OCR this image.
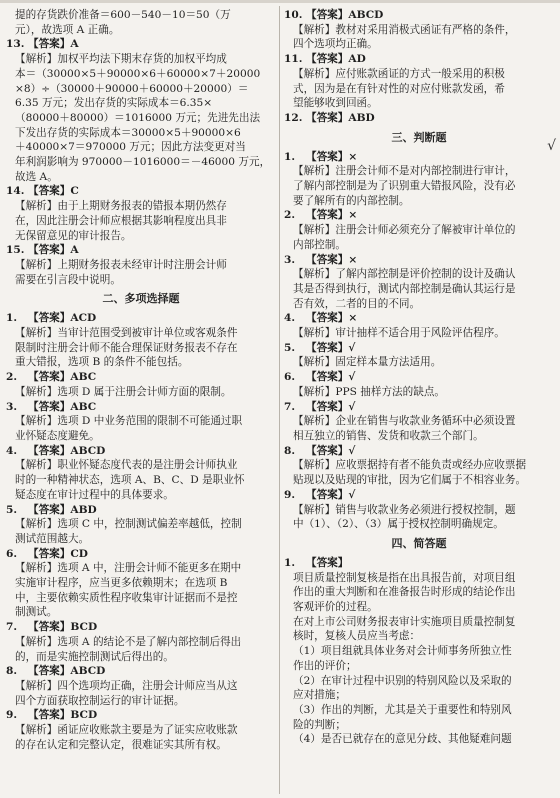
提的存货跌价准备＝600－540－10＝50（万
元），故选项 A 正确。
13. 【答案】A
【解析】加权平均法下期末存货的加权平均成
本＝（30000×5＋90000×6＋60000×7＋20000
×8）÷（30000＋90000＋60000＋20000）＝
6.35 万元；发出存货的实际成本＝6.35×
（80000＋80000）＝1016000 万元；先进先出法
下发出存货的实际成本＝30000×5＋90000×6
＋40000×7＝970000 万元；因此方法变更对当
年利润影响为 970000－1016000＝－46000 万元，
故选 A。
14. 【答案】C
【解析】由于上期财务报表的错报本期仍然存
在，因此注册会计师应根据其影响程度出具非
无保留意见的审计报告。
15. 【答案】A
【解析】上期财务报表未经审计时注册会计师
需要在引言段中说明。
二、多项选择题
1. 【答案】ACD
【解析】当审计范围受到被审计单位或客观条件
限制时注册会计师不能合理保证财务报表不存在
重大错报，选项 B 的条件不能包括。
2. 【答案】ABC
【解析】选项 D 属于注册会计师方面的限制。
3. 【答案】ABC
【解析】选项 D 中业务范围的限制不可能通过职
业怀疑态度避免。
4. 【答案】ABCD
【解析】职业怀疑态度代表的是注册会计师执业
时的一种精神状态，选项 A、B、C、D 是职业怀
疑态度在审计过程中的具体要求。
5. 【答案】ABD
【解析】选项 C 中，控制测试偏差率越低，控制
测试范围越大。
6. 【答案】CD
【解析】选项 A 中，注册会计师不能更多在期中
实施审计程序，应当更多依赖期末；在选项 B
中，主要依赖实质性程序收集审计证据而不是控
制测试。
7. 【答案】BCD
【解析】选项 A 的结论不是了解内部控制后得出
的，而是实施控制测试后得出的。
8. 【答案】ABCD
【解析】四个选项均正确，注册会计师应当从这
四个方面获取控制运行的审计证据。
9. 【答案】BCD
【解析】函证应收账款主要是为了证实应收账款
的存在认定和完整认定，很难证实其所有权。
10. 【答案】ABCD
【解析】教材对采用消极式函证有严格的条件，
四个选项均正确。
11. 【答案】AD
【解析】应付账款函证的方式一般采用的积极
式，因为是在有针对性的对应付账款发函，希
望能够收到回函。
12. 【答案】ABD
三、判断题
1. 【答案】×
【解析】注册会计师不是对内部控制进行审计，
了解内部控制是为了识别重大错报风险，没有必
要了解所有的内部控制。
2. 【答案】×
【解析】注册会计师必须充分了解被审计单位的
内部控制。
3. 【答案】×
【解析】了解内部控制是评价控制的设计及确认
其是否得到执行，测试内部控制是确认其运行是
否有效，二者的目的不同。
4. 【答案】×
【解析】审计抽样不适合用于风险评估程序。
5. 【答案】√
【解析】固定样本量方法适用。
6. 【答案】√
【解析】PPS 抽样方法的缺点。
7. 【答案】√
【解析】企业在销售与收款业务循环中必须设置
相互独立的销售、发货和收款三个部门。
8. 【答案】√
【解析】应收票据持有者不能负责或经办应收票据
贴现以及贴现的审批，因为它们属于不相容业务。
9. 【答案】√
【解析】销售与收款业务必须进行授权控制，题
中（1）、（2）、（3）属于授权控制明确规定。
四、简答题
1. 【答案】
项目质量控制复核是指在出具报告前，对项目组
作出的重大判断和在准备报告时形成的结论作出
客观评价的过程。
在对上市公司财务报表审计实施项目质量控制复
核时，复核人员应当考虑：
（1）项目组就具体业务对会计师事务所独立性
作出的评价；
（2）在审计过程中识别的特别风险以及采取的
应对措施；
（3）作出的判断，尤其是关于重要性和特别风
险的判断；
（4）是否已就存在的意见分歧、其他疑难问题
√
